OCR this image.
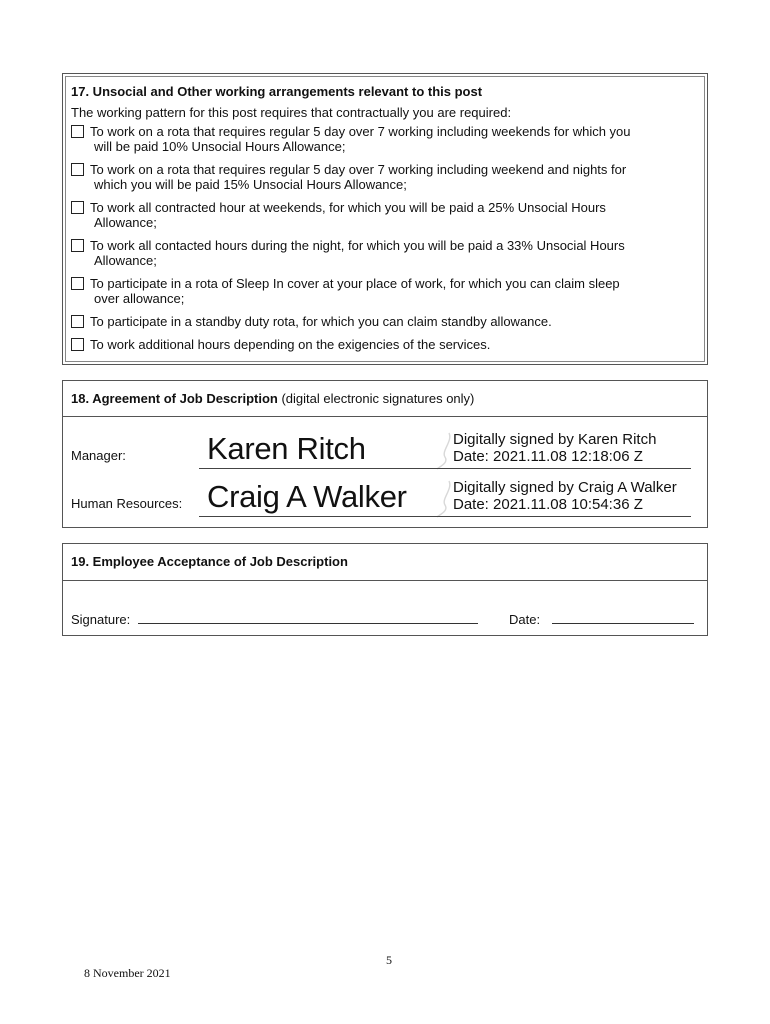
17. Unsocial and Other working arrangements relevant to this post
The working pattern for this post requires that contractually you are required:
To work on a rota that requires regular 5 day over 7 working including weekends for which you
will be paid 10% Unsocial Hours Allowance;
To work on a rota that requires regular 5 day over 7 working including weekend and nights for
which you will be paid 15% Unsocial Hours Allowance;
To work all contracted hour at weekends, for which you will be paid a 25% Unsocial Hours
Allowance;
To work all contacted hours during the night, for which you will be paid a 33% Unsocial Hours
Allowance;
To participate in a rota of Sleep In cover at your place of work, for which you can claim sleep
over allowance;
To participate in a standby duty rota, for which you can claim standby allowance.
To work additional hours depending on the exigencies of the services.
18. Agreement of Job Description (digital electronic signatures only)
Manager:	Karen Ritch	Digitally signed by Karen Ritch
Date: 2021.11.08 12:18:06 Z
Human Resources: Craig A Walker	Digitally signed by Craig A Walker
Date: 2021.11.08 10:54:36 Z
19. Employee Acceptance of Job Description
Signature:	Date:
5
8 November 2021
